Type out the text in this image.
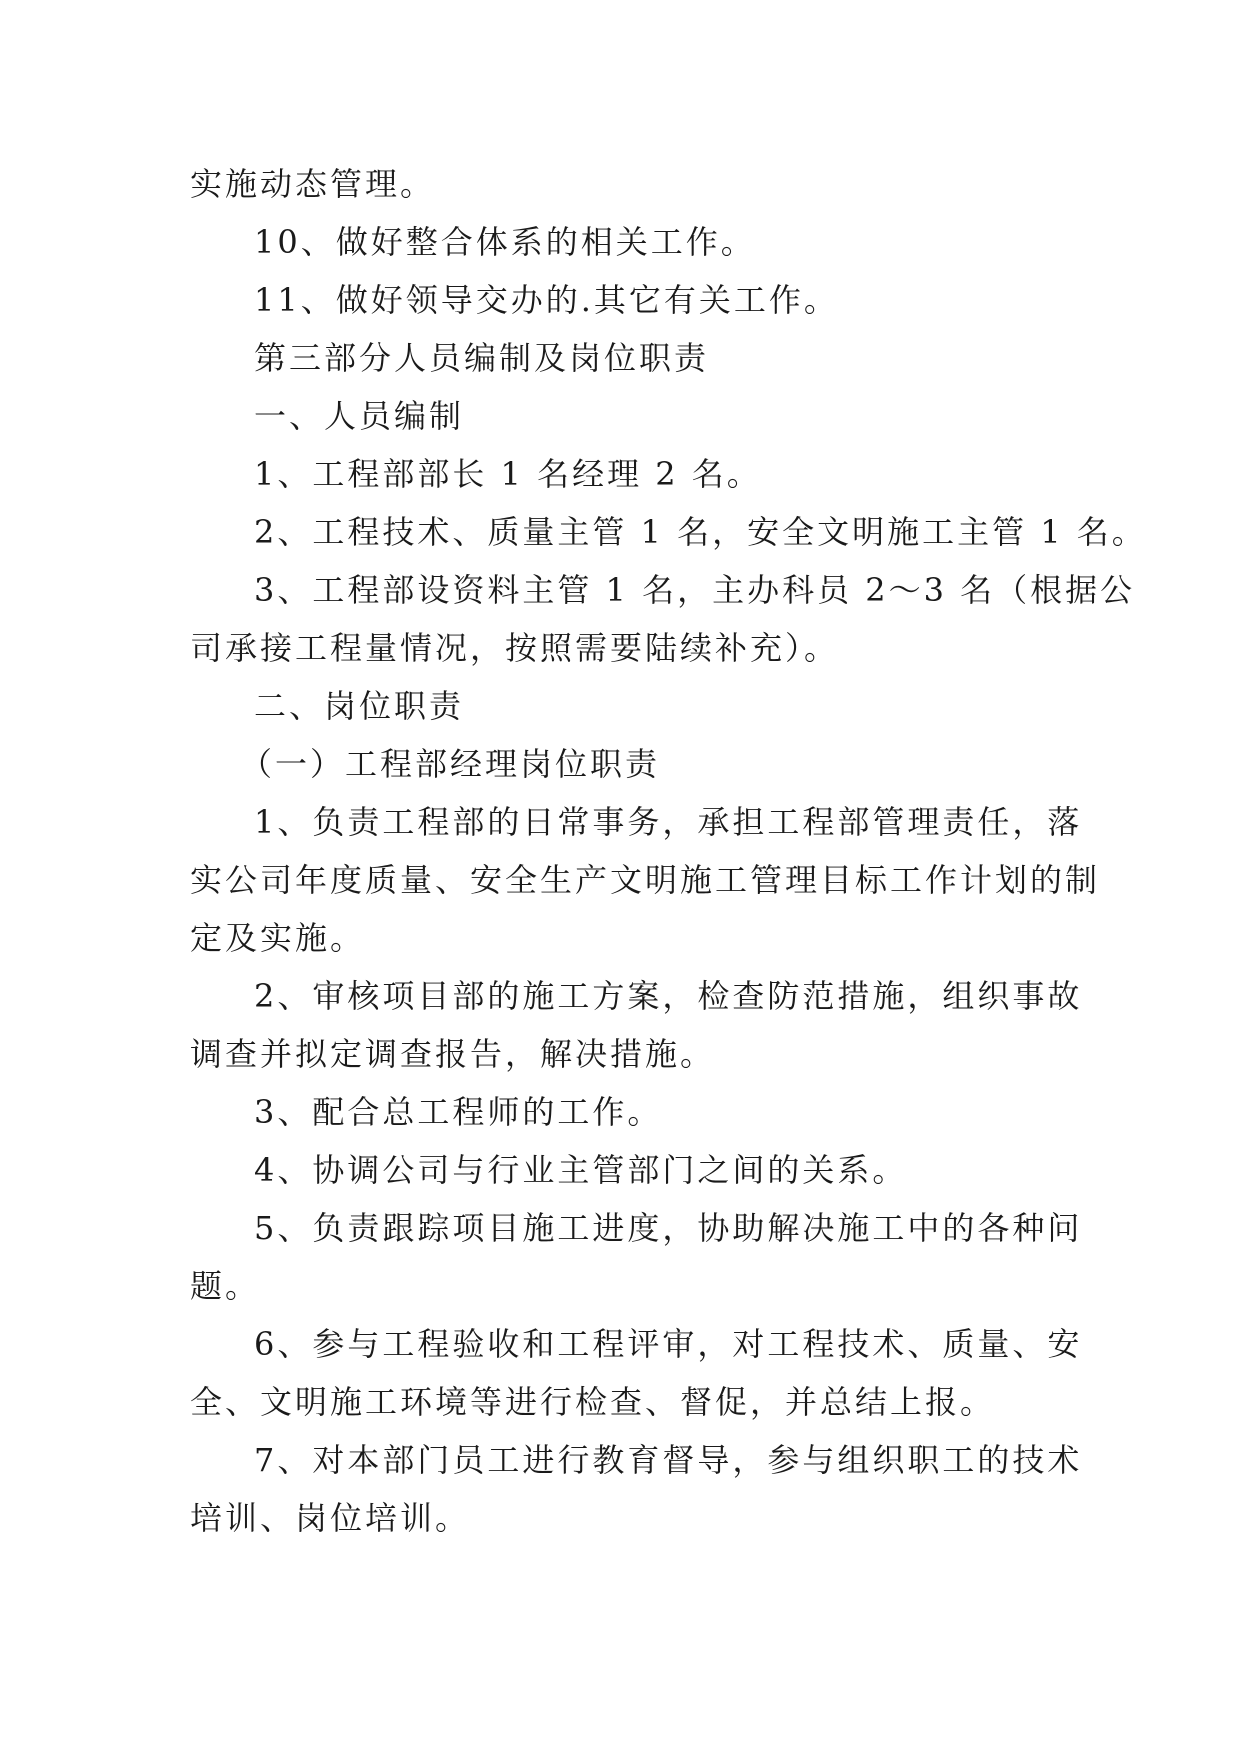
实施动态管理。
10、做好整合体系的相关工作。
11、做好领导交办的.其它有关工作。
第三部分人员编制及岗位职责
一、人员编制
1、工程部部长 1 名经理 2 名。
2、工程技术、质量主管 1 名，安全文明施工主管 1 名。
3、工程部设资料主管 1 名，主办科员 2～3 名（根据公
司承接工程量情况，按照需要陆续补充）。
二、岗位职责
（一）工程部经理岗位职责
1、负责工程部的日常事务，承担工程部管理责任，落
实公司年度质量、安全生产文明施工管理目标工作计划的制
定及实施。
2、审核项目部的施工方案，检查防范措施，组织事故
调查并拟定调查报告，解决措施。
3、配合总工程师的工作。
4、协调公司与行业主管部门之间的关系。
5、负责跟踪项目施工进度，协助解决施工中的各种问
题。
6、参与工程验收和工程评审，对工程技术、质量、安
全、文明施工环境等进行检查、督促，并总结上报。
7、对本部门员工进行教育督导，参与组织职工的技术
培训、岗位培训。
